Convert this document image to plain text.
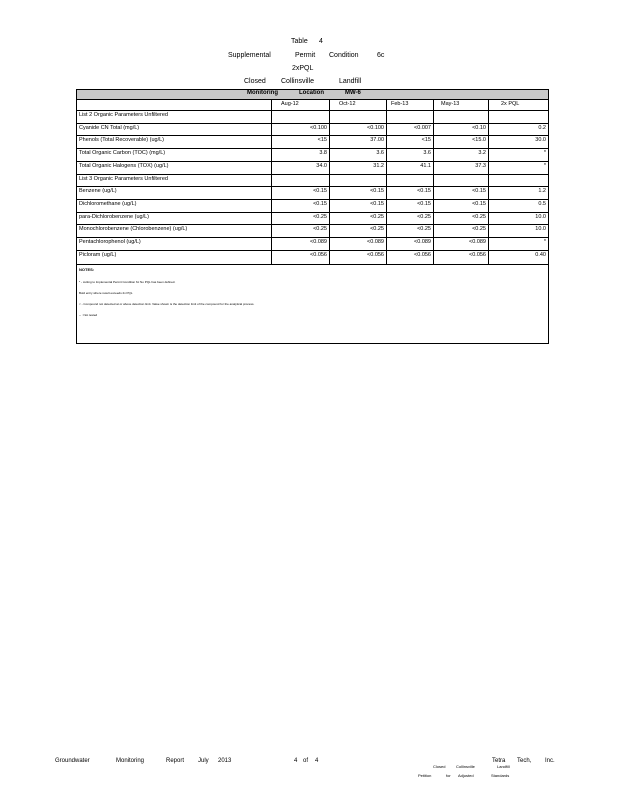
Table 4
Supplemental	Permit Condition	6c
2xPQL
Closed Collinsville	Landfill
Monitoring	Location	MW-6
Aug-12	Oct-12	Feb-13	May-13	2x PQL
List 2 Organic Parameters Unfiltered
Cyanide CN Total (mg/L)	<0.100	<0.100	<0.007	<0.10	0.2
Phenols (Total Recoverable) (ug/L)	<15	37.00	<15	<15.0	30.0
Total Organic Carbon (TOC) (mg/L)	3.8	3.6	3.6	3.2	*
Total Organic Halogens (TOX) (ug/L)	34.0	31.2	41.1	37.3	*
List 3 Organic Parameters Unfiltered
Benzene (ug/L)	<0.15	<0.15	<0.15	<0.15	1.2
Dichloromethane (ug/L)	<0.15	<0.15	<0.15	<0.15	0.5
para-Dichlorobenzene (ug/L)	<0.25	<0.25	<0.25	<0.25	10.0
Monochlorobenzene (Chlorobenzene) (ug/L)	<0.25	<0.25	<0.25	<0.25	10.0
Pentachlorophenol (ug/L)	<0.089	<0.089	<0.089	<0.089	*
Picloram (ug/L)	<0.056	<0.056	<0.056	<0.056	0.40
NOTES:
* - cutting to Implemental Permit Condition 6c No PQL has been defined.
Bold entry where result exceeds 2x PQL
< - Compound not detected at or above detection limit. Value shown is the detection limit of the compound for the analytical process.
-- : Not tested
Groundwater	Monitoring	Report July 2013	4 of 4
Closed	Collinsville	Landfill
Petition	for Adjusted	Standards
Tetra Tech, Inc.
